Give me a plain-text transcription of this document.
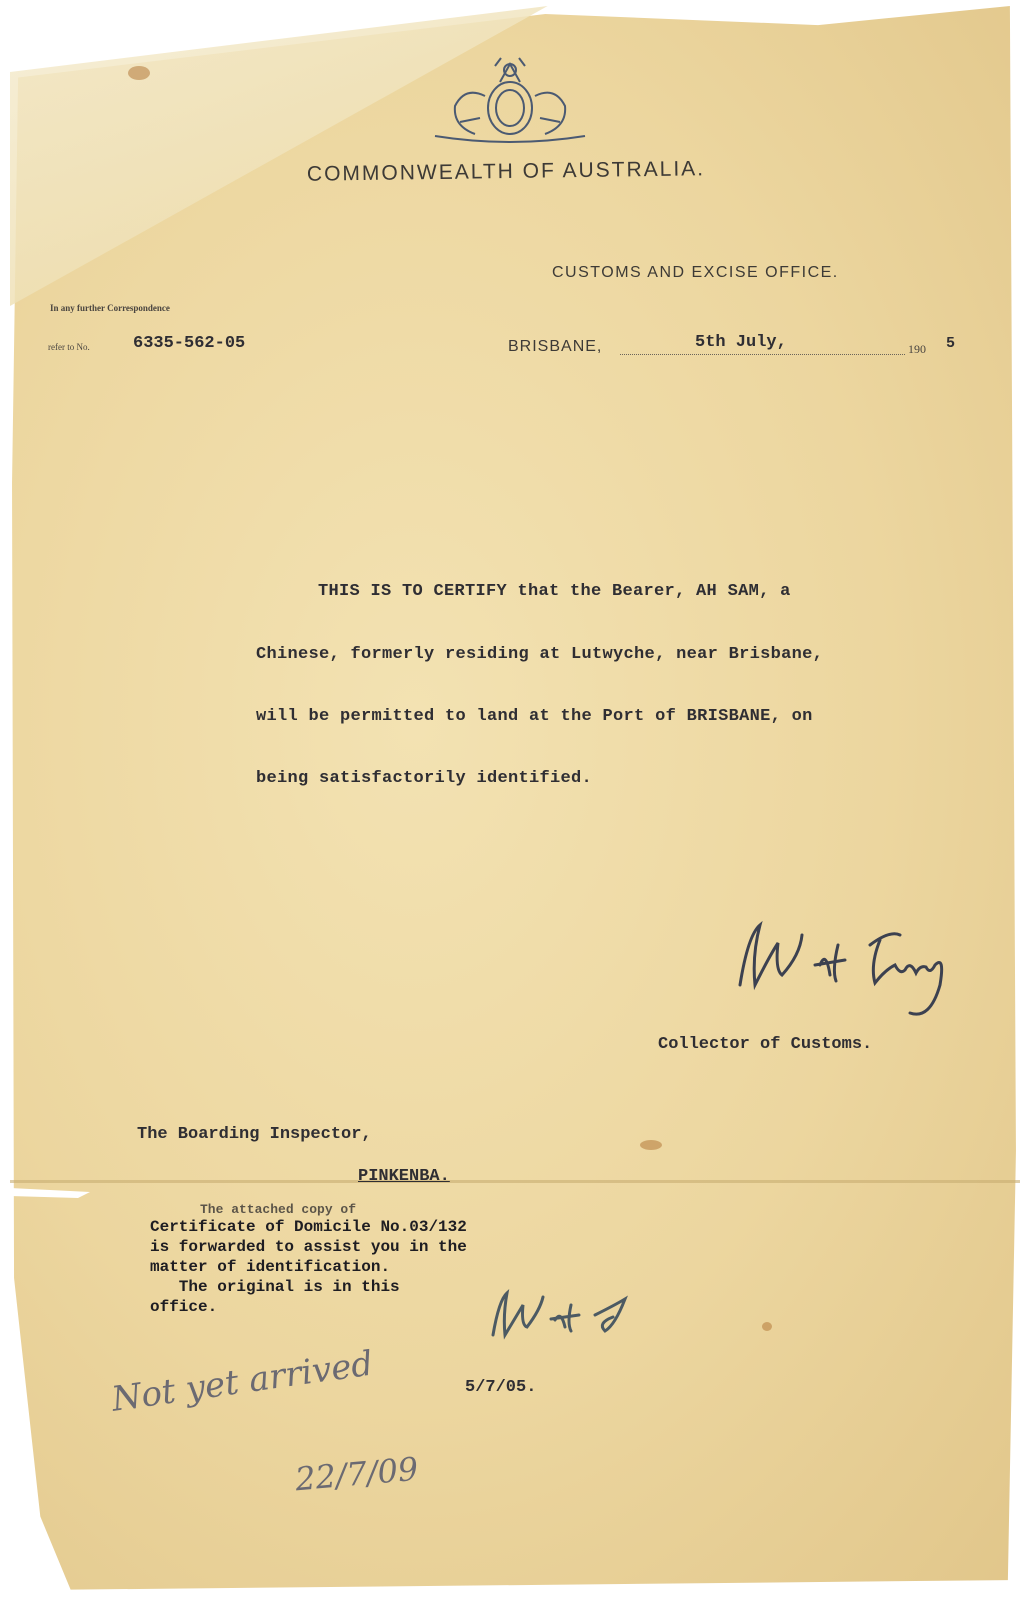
COMMONWEALTH OF AUSTRALIA.
CUSTOMS AND EXCISE OFFICE.
In any further Correspondence
refer to No.	6335-562-05	BRISBANE,	5th July,	190 5
THIS IS TO CERTIFY that the Bearer, AH SAM, a
Chinese, formerly residing at Lutwyche, near Brisbane,
will be permitted to land at the Port of BRISBANE, on
being satisfactorily identified.
Collector of Customs.
The Boarding Inspector,
PINKENBA.
The attached copy of
Certificate of Domicile No.03/132
is forwarded to assist you in the
matter of identification.
The original is in this
office.
5/7/05.
Not yet arrived
22/7/09
